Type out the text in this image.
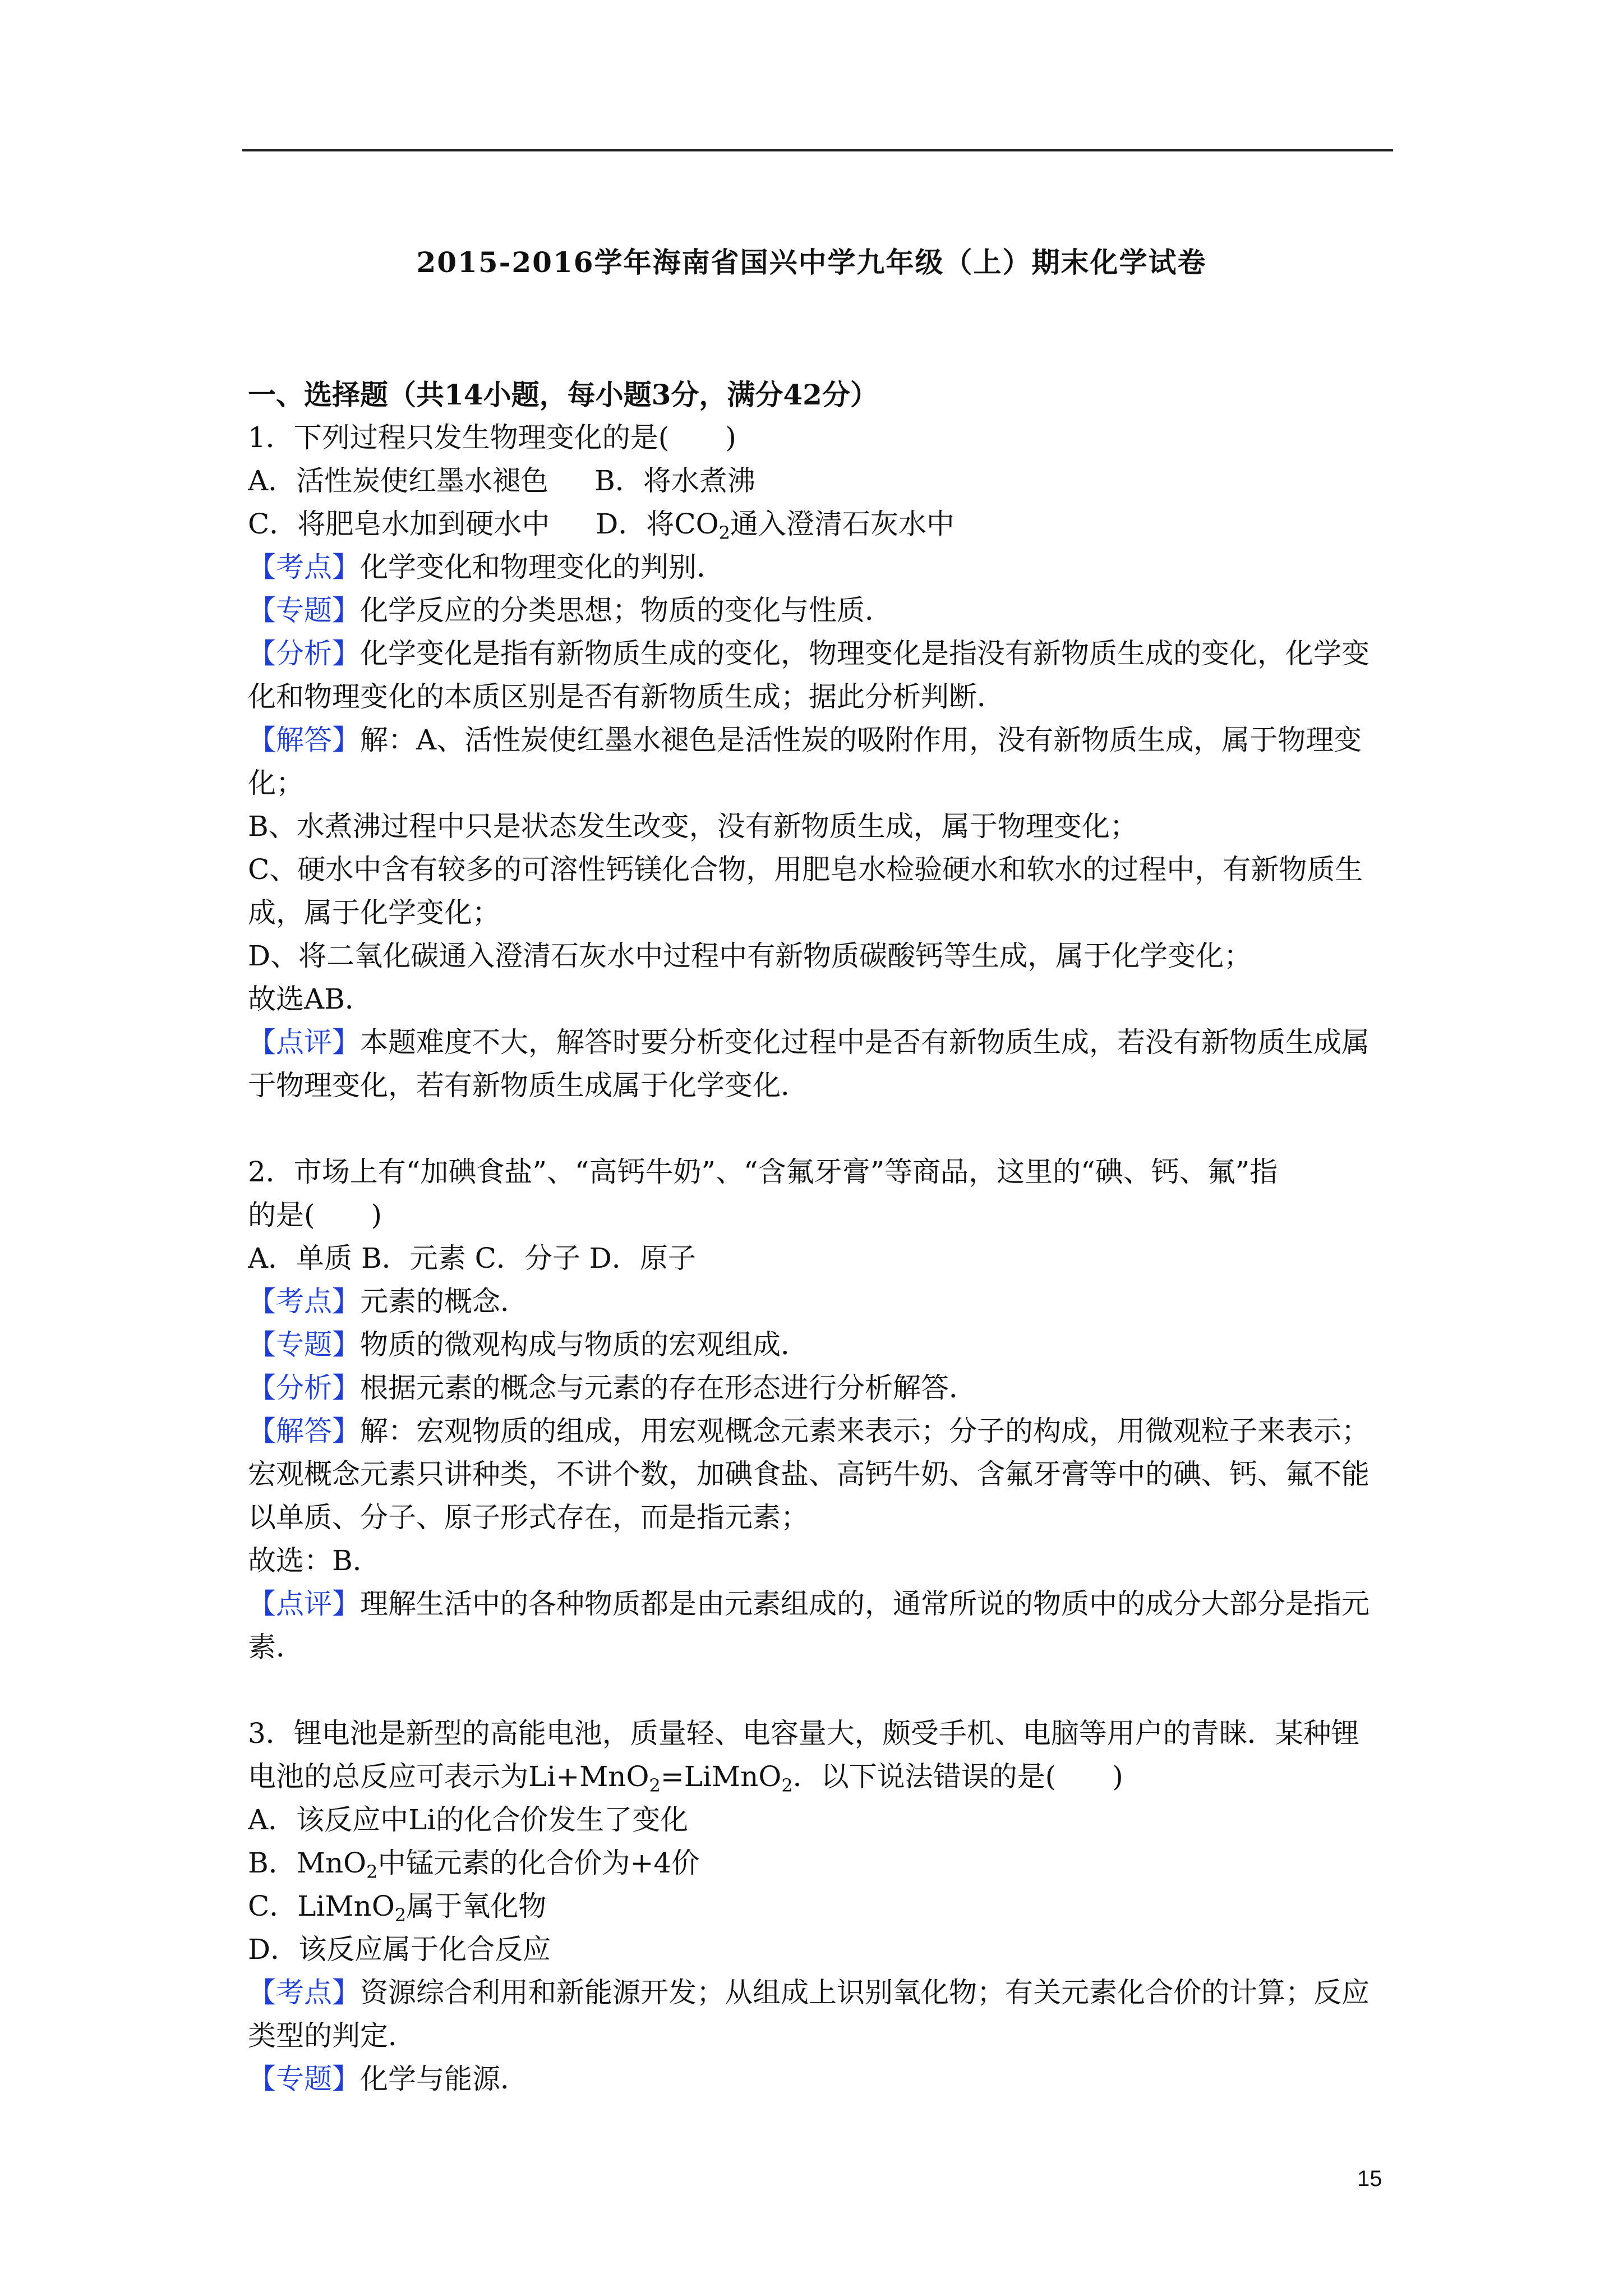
2015-2016学年海南省国兴中学九年级（上）期末化学试卷
一、选择题（共14小题，每小题3分，满分42分）
1．下列过程只发生物理变化的是(　　)
A．活性炭使红墨水褪色 B．将水煮沸
C．将肥皂水加到硬水中 D．将$CO_2$通入澄清石灰水中
【考点】化学变化和物理变化的判别．
【专题】化学反应的分类思想；物质的变化与性质．
【分析】化学变化是指有新物质生成的变化，物理变化是指没有新物质生成的变化，化学变
化和物理变化的本质区别是否有新物质生成；据此分析判断．
【解答】解：A、活性炭使红墨水褪色是活性炭的吸附作用，没有新物质生成，属于物理变
化；
B、水煮沸过程中只是状态发生改变，没有新物质生成，属于物理变化；
C、硬水中含有较多的可溶性钙镁化合物，用肥皂水检验硬水和软水的过程中，有新物质生
成，属于化学变化；
D、将二氧化碳通入澄清石灰水中过程中有新物质碳酸钙等生成，属于化学变化；
故选AB．
【点评】本题难度不大，解答时要分析变化过程中是否有新物质生成，若没有新物质生成属
于物理变化，若有新物质生成属于化学变化．
2．市场上有“加碘食盐”、“高钙牛奶”、“含氟牙膏”等商品，这里的“碘、钙、氟”指
的是(　　)
A．单质 B．元素 C．分子 D．原子
【考点】元素的概念．
【专题】物质的微观构成与物质的宏观组成．
【分析】根据元素的概念与元素的存在形态进行分析解答．
【解答】解：宏观物质的组成，用宏观概念元素来表示；分子的构成，用微观粒子来表示；
宏观概念元素只讲种类，不讲个数，加碘食盐、高钙牛奶、含氟牙膏等中的碘、钙、氟不能
以单质、分子、原子形式存在，而是指元素；
故选：B．
【点评】理解生活中的各种物质都是由元素组成的，通常所说的物质中的成分大部分是指元
素．
3．锂电池是新型的高能电池，质量轻、电容量大，颇受手机、电脑等用户的青睐．某种锂
电池的总反应可表示为Li+MnO$_2$=LiMnO$_2$．以下说法错误的是(　　)
A．该反应中Li的化合价发生了变化
B．MnO$_2$中锰元素的化合价为+4价
C．LiMnO$_2$属于氧化物
D．该反应属于化合反应
【考点】资源综合利用和新能源开发；从组成上识别氧化物；有关元素化合价的计算；反应
类型的判定．
【专题】化学与能源．
15
